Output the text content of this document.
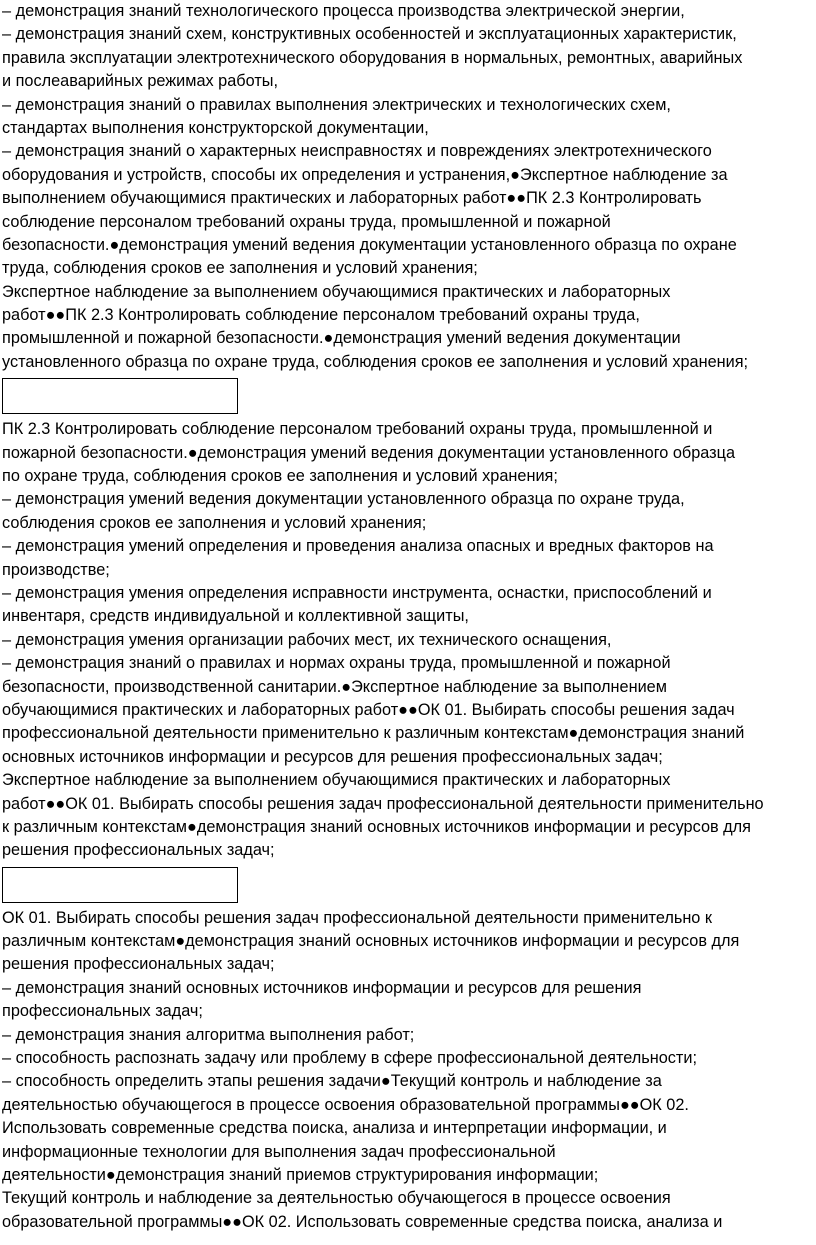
– демонстрация знаний технологического процесса производства электрической энергии,
– демонстрация знаний схем, конструктивных особенностей и эксплуатационных характеристик,
правила эксплуатации электротехнического оборудования в нормальных, ремонтных, аварийных
и послеаварийных режимах работы,
– демонстрация знаний о правилах выполнения электрических и технологических схем,
стандартах выполнения конструкторской документации,
– демонстрация знаний о характерных неисправностях и повреждениях электротехнического
оборудования и устройств, способы их определения и устранения,●Экспертное наблюдение за
выполнением обучающимися практических и лабораторных работ●●ПК 2.3 Контролировать
соблюдение персоналом требований охраны труда, промышленной и пожарной
безопасности.●демонстрация умений ведения документации установленного образца по охране
труда, соблюдения сроков ее заполнения и условий хранения;
Экспертное наблюдение за выполнением обучающимися практических и лабораторных
работ●●ПК 2.3 Контролировать соблюдение персоналом требований охраны труда,
промышленной и пожарной безопасности.●демонстрация умений ведения документации
установленного образца по охране труда, соблюдения сроков ее заполнения и условий хранения;
ПК 2.3 Контролировать соблюдение персоналом требований охраны труда, промышленной и
пожарной безопасности.●демонстрация умений ведения документации установленного образца
по охране труда, соблюдения сроков ее заполнения и условий хранения;
– демонстрация умений ведения документации установленного образца по охране труда,
соблюдения сроков ее заполнения и условий хранения;
– демонстрация умений определения и проведения анализа опасных и вредных факторов на
производстве;
– демонстрация умения определения исправности инструмента, оснастки, приспособлений и
инвентаря, средств индивидуальной и коллективной защиты,
– демонстрация умения организации рабочих мест, их технического оснащения,
– демонстрация знаний о правилах и нормах охраны труда, промышленной и пожарной
безопасности, производственной санитарии.●Экспертное наблюдение за выполнением
обучающимися практических и лабораторных работ●●ОК 01. Выбирать способы решения задач
профессиональной деятельности применительно к различным контекстам●демонстрация знаний
основных источников информации и ресурсов для решения профессиональных задач;
Экспертное наблюдение за выполнением обучающимися практических и лабораторных
работ●●ОК 01. Выбирать способы решения задач профессиональной деятельности применительно
к различным контекстам●демонстрация знаний основных источников информации и ресурсов для
решения профессиональных задач;
ОК 01. Выбирать способы решения задач профессиональной деятельности применительно к
различным контекстам●демонстрация знаний основных источников информации и ресурсов для
решения профессиональных задач;
– демонстрация знаний основных источников информации и ресурсов для решения
профессиональных задач;
– демонстрация знания алгоритма выполнения работ;
– способность распознать задачу или проблему в сфере профессиональной деятельности;
– способность определить этапы решения задачи●Текущий контроль и наблюдение за
деятельностью обучающегося в процессе освоения образовательной программы●●ОК 02.
Использовать современные средства поиска, анализа и интерпретации информации, и
информационные технологии для выполнения задач профессиональной
деятельности●демонстрация знаний приемов структурирования информации;
Текущий контроль и наблюдение за деятельностью обучающегося в процессе освоения
образовательной программы●●ОК 02. Использовать современные средства поиска, анализа и
